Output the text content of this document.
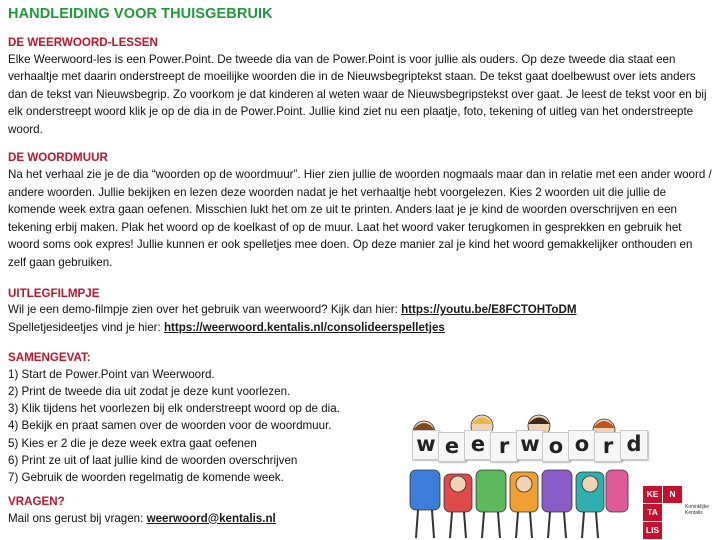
HANDLEIDING VOOR THUISGEBRUIK
DE WEERWOORD-LESSEN

Elke Weerwoord-les is een Power.Point. De tweede dia van de Power.Point is voor jullie als ouders. Op deze tweede dia staat een verhaaltje met daarin onderstreept de moeilijke woorden die in de Nieuwsbegriptekst staan. De tekst gaat doelbewust over iets anders dan de tekst van Nieuwsbegrip. Zo voorkom je dat kinderen al weten waar de Nieuwsbegripstekst over gaat. Je leest de tekst voor en bij elk onderstreept woord klik je op de dia in de Power.Point. Jullie kind ziet nu een plaatje, foto, tekening of uitleg van het onderstreepte woord.

DE WOORDMUUR

Na het verhaal zie je de dia “woorden op de woordmuur”. Hier zien jullie de woorden nogmaals maar dan in relatie met een ander woord / andere woorden. Jullie bekijken en lezen deze woorden nadat je het verhaaltje hebt voorgelezen. Kies 2 woorden uit die jullie de komende week extra gaan oefenen. Misschien lukt het om ze uit te printen. Anders laat je je kind de woorden overschrijven en een tekening erbij maken. Plak het woord op de koelkast of op de muur. Laat het woord vaker terugkomen in gesprekken en gebruik het woord soms ook expres! Jullie kunnen er ook spelletjes mee doen. Op deze manier zal je kind het woord gemakkelijker onthouden en zelf gaan gebruiken.

UITLEGFILMPJE

Wil je een demo-filmpje zien over het gebruik van weerwoord? Kijk dan hier: https://youtu.be/E8FCTOHToDM

Spelletjesideetjes vind je hier: https://weerwoord.kentalis.nl/consolideerspelletjes

SAMENGEVAT:
1) Start de Power.Point van Weerwoord.
2) Print de tweede dia uit zodat je deze kunt voorlezen.
3) Klik tijdens het voorlezen bij elk onderstreept woord op de dia.
4) Bekijk en praat samen over de woorden voor de woordmuur.
5) Kies er 2 die je deze week extra gaat oefenen
6) Print ze uit of laat jullie kind de woorden overschrijven
7) Gebruik de woorden regelmatig de komende week.
VRAGEN?

Mail ons gerust bij vragen: weerwoord@kentalis.nl

w e e r w o o r d
KE	N
TA
LIS
Koninklijke Kentalis
